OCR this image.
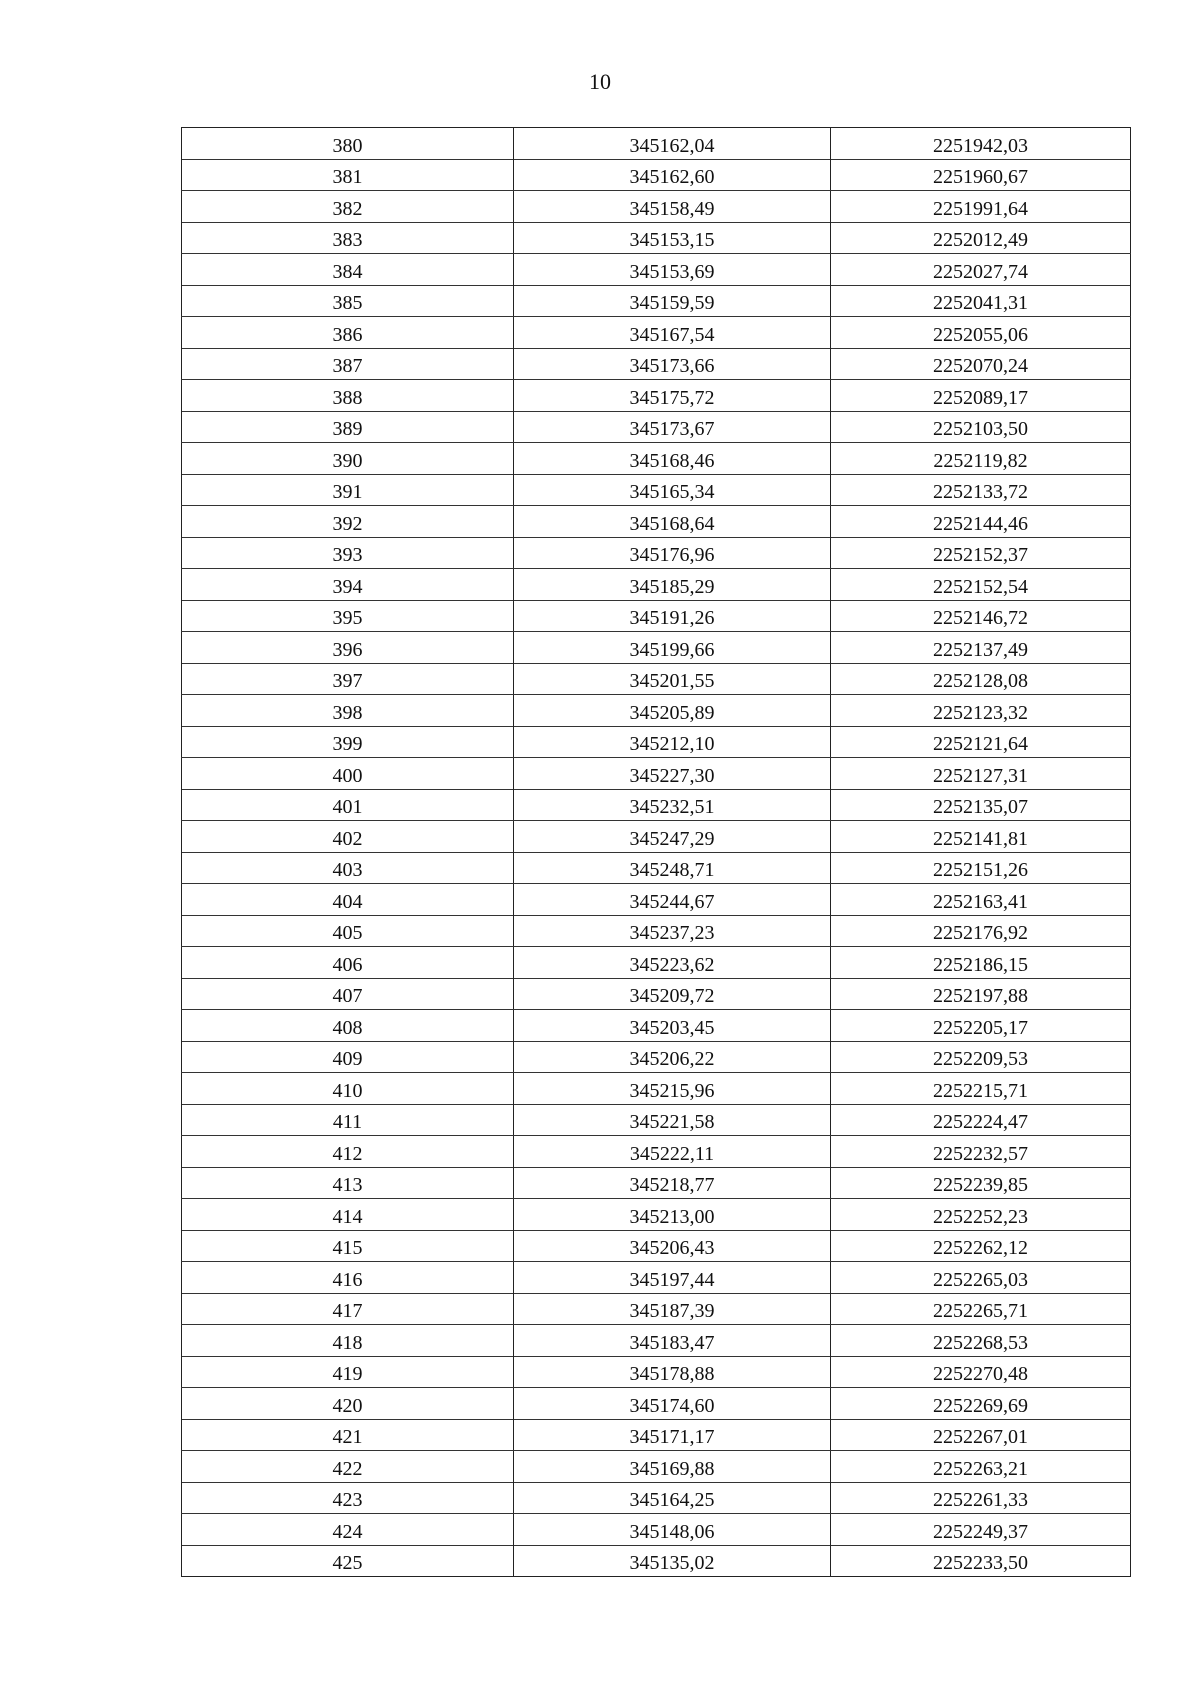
10
380	345162,04	2251942,03
381	345162,60	2251960,67
382	345158,49	2251991,64
383	345153,15	2252012,49
384	345153,69	2252027,74
385	345159,59	2252041,31
386	345167,54	2252055,06
387	345173,66	2252070,24
388	345175,72	2252089,17
389	345173,67	2252103,50
390	345168,46	2252119,82
391	345165,34	2252133,72
392	345168,64	2252144,46
393	345176,96	2252152,37
394	345185,29	2252152,54
395	345191,26	2252146,72
396	345199,66	2252137,49
397	345201,55	2252128,08
398	345205,89	2252123,32
399	345212,10	2252121,64
400	345227,30	2252127,31
401	345232,51	2252135,07
402	345247,29	2252141,81
403	345248,71	2252151,26
404	345244,67	2252163,41
405	345237,23	2252176,92
406	345223,62	2252186,15
407	345209,72	2252197,88
408	345203,45	2252205,17
409	345206,22	2252209,53
410	345215,96	2252215,71
411	345221,58	2252224,47
412	345222,11	2252232,57
413	345218,77	2252239,85
414	345213,00	2252252,23
415	345206,43	2252262,12
416	345197,44	2252265,03
417	345187,39	2252265,71
418	345183,47	2252268,53
419	345178,88	2252270,48
420	345174,60	2252269,69
421	345171,17	2252267,01
422	345169,88	2252263,21
423	345164,25	2252261,33
424	345148,06	2252249,37
425	345135,02	2252233,50
